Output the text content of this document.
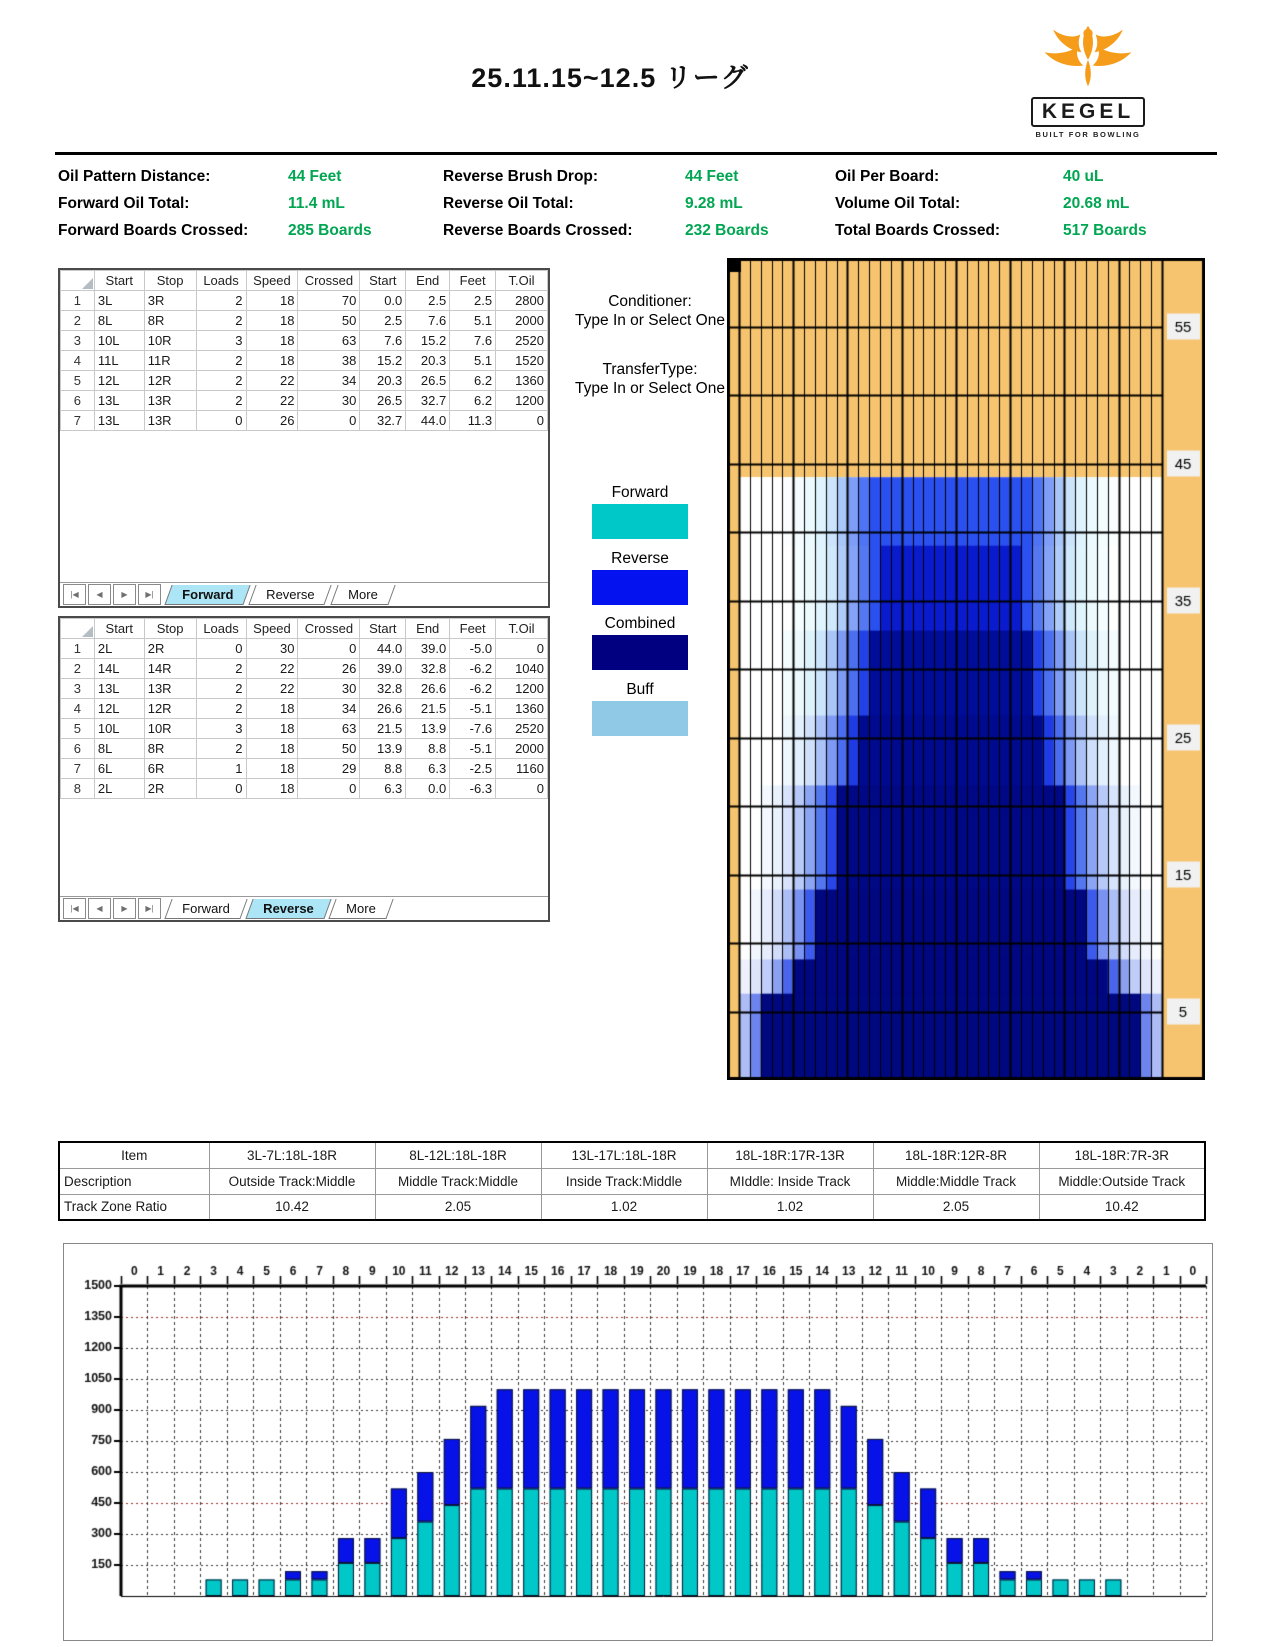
25.11.15~12.5 リーグ
KEGEL
BUILT FOR BOWLING
Oil Pattern Distance:	44 Feet	Reverse Brush Drop:	44 Feet	Oil Per Board:	40 uL
Forward Oil Total:	11.4 mL	Reverse Oil Total:	9.28 mL	Volume Oil Total:	20.68 mL
Forward Boards Crossed:	285 Boards	Reverse Boards Crossed:	232 Boards	Total Boards Crossed:	517 Boards
	Start	Stop	Loads	Speed	Crossed	Start	End	Feet	T.Oil
1	3L	3R	2	18	70	0.0	2.5	2.5	2800
2	8L	8R	2	18	50	2.5	7.6	5.1	2000
3	10L	10R	3	18	63	7.6	15.2	7.6	2520
4	11L	11R	2	18	38	15.2	20.3	5.1	1520
5	12L	12R	2	22	34	20.3	26.5	6.2	1360
6	13L	13R	2	22	30	26.5	32.7	6.2	1200
7	13L	13R	0	26	0	32.7	44.0	11.3	0
|◀	◀	▶	▶|	Forward	Reverse	More
	Start	Stop	Loads	Speed	Crossed	Start	End	Feet	T.Oil
1	2L	2R	0	30	0	44.0	39.0	-5.0	0
2	14L	14R	2	22	26	39.0	32.8	-6.2	1040
3	13L	13R	2	22	30	32.8	26.6	-6.2	1200
4	12L	12R	2	18	34	26.6	21.5	-5.1	1360
5	10L	10R	3	18	63	21.5	13.9	-7.6	2520
6	8L	8R	2	18	50	13.9	8.8	-5.1	2000
7	6L	6R	1	18	29	8.8	6.3	-2.5	1160
8	2L	2R	0	18	0	6.3	0.0	-6.3	0
|◀	◀	▶	▶|	Forward	Reverse	More
Conditioner:
Type In or Select One
TransferType:
Type In or Select One
Item	3L-7L:18L-18R	8L-12L:18L-18R	13L-17L:18L-18R	18L-18R:17R-13R	18L-18R:12R-8R	18L-18R:7R-3R
Description	Outside Track:Middle	Middle Track:Middle	Inside Track:Middle	MIddle: Inside Track	Middle:Middle Track	Middle:Outside Track
Track Zone Ratio	10.42	2.05	1.02	1.02	2.05	10.42
Forward
Reverse
Combined
Buff
